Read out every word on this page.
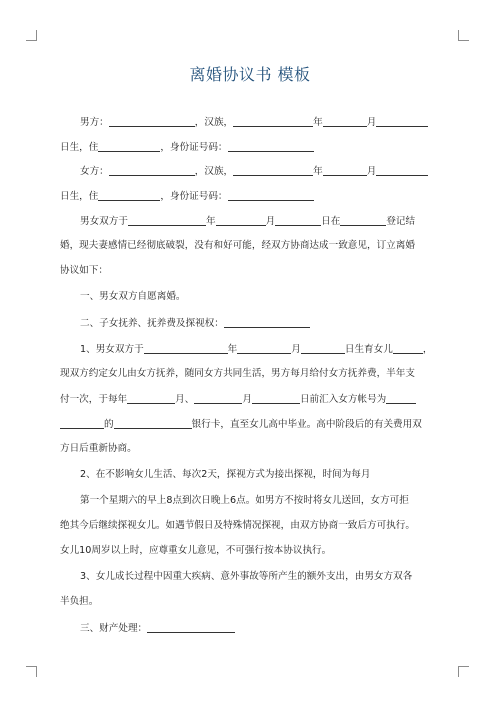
离婚协议书 模板
男方：	，汉族，	年	月
日生，住	，身份证号码：
女方：	，汉族，	年	月
日生，住	，身份证号码：
男女双方于	年	月	日在	登记结
婚，现夫妻感情已经彻底破裂，没有和好可能，经双方协商达成一致意见，订立离婚
协议如下：
一、男女双方自愿离婚。
二、子女抚养、抚养费及探视权：
1、男女双方于	年	月	日生育女儿	，
现双方约定女儿由女方抚养，随同女方共同生活，男方每月给付女方抚养费，半年支
付一次，于每年	月、	月	日前汇入女方帐号为
的	银行卡，直至女儿高中毕业。高中阶段后的有关费用双
方日后重新协商。
2、在不影响女儿生活、每次2天，探视方式为接出探视，时间为每月
第一个星期六的早上8点到次日晚上6点。如男方不按时将女儿送回，女方可拒
绝其今后继续探视女儿。如遇节假日及特殊情况探视，由双方协商一致后方可执行。
女儿10周岁以上时，应尊重女儿意见，不可强行按本协议执行。
3、女儿成长过程中因重大疾病、意外事故等所产生的额外支出，由男女方双各
半负担。
三、财产处理：
